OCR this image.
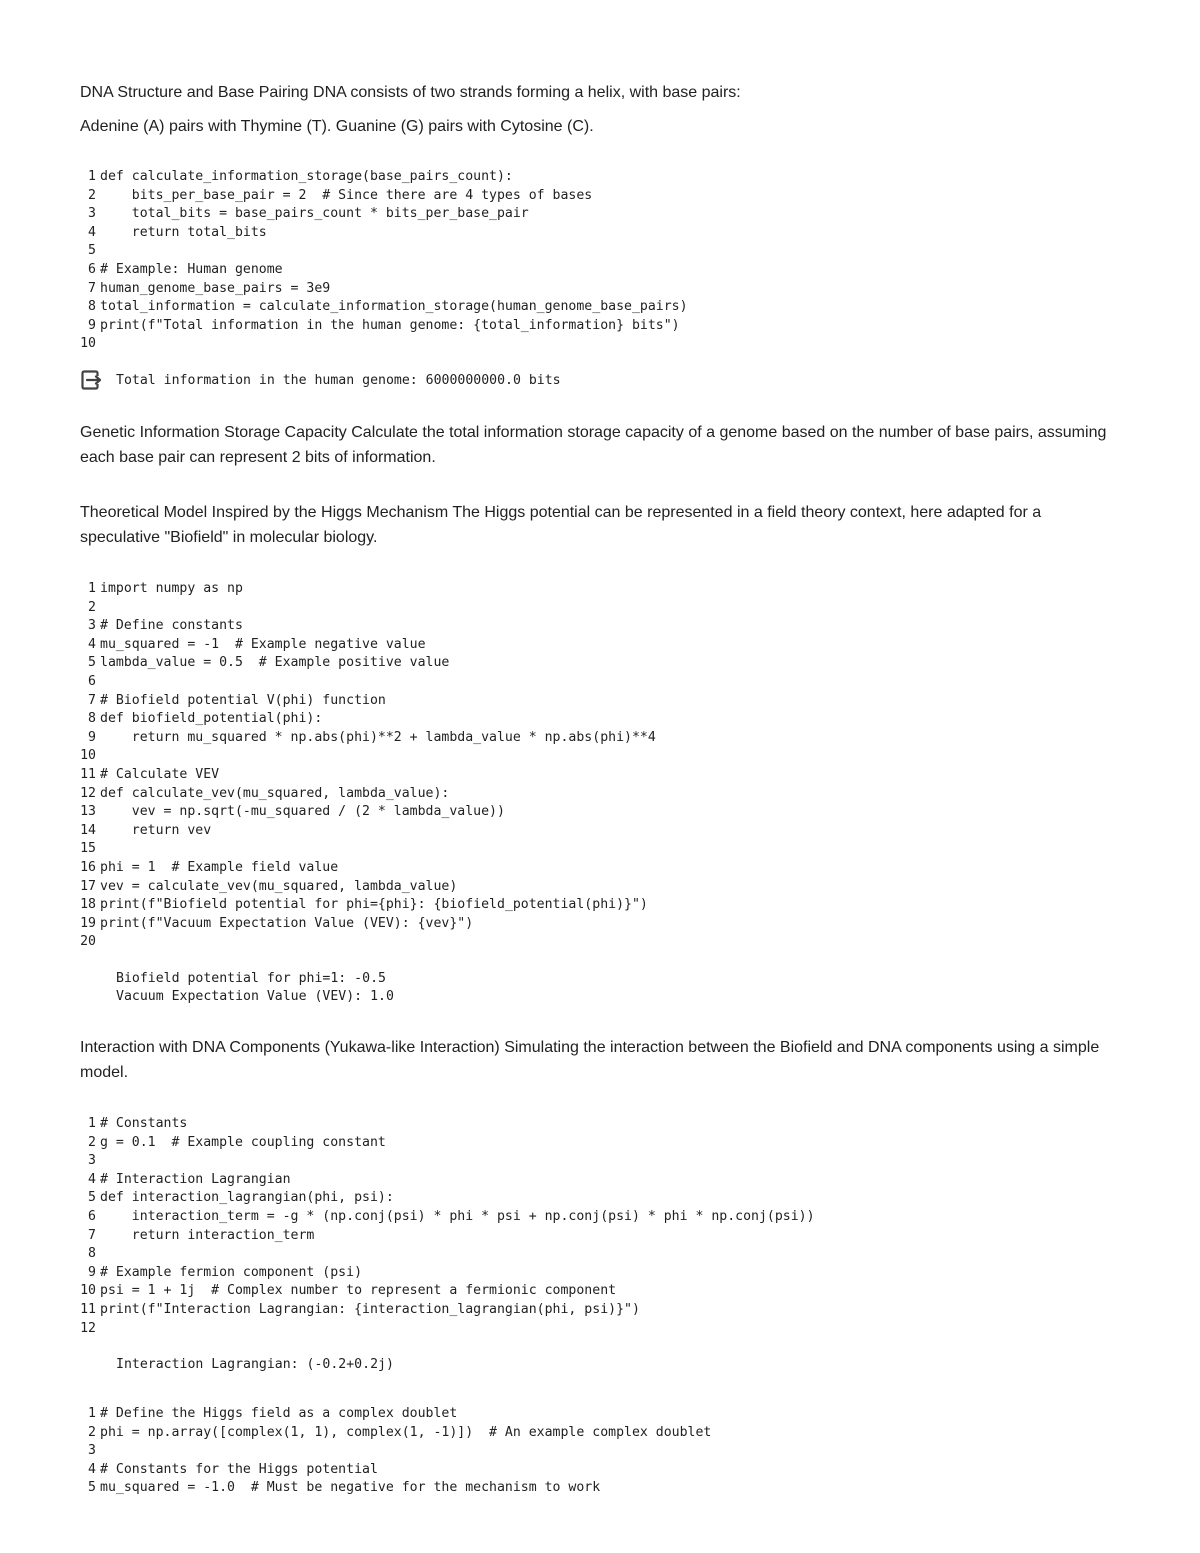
DNA Structure and Base Pairing DNA consists of two strands forming a helix, with base pairs:

Adenine (A) pairs with Thymine (T). Guanine (G) pairs with Cytosine (C).

1 def calculate_information_storage(base_pairs_count):
2    bits_per_base_pair = 2  # Since there are 4 types of bases
3    total_bits = base_pairs_count * bits_per_base_pair
4    return total_bits
5
6 # Example: Human genome
7 human_genome_base_pairs = 3e9
8 total_information = calculate_information_storage(human_genome_base_pairs)
9 print(f"Total information in the human genome: {total_information} bits")
10
Total information in the human genome: 6000000000.0 bits

Genetic Information Storage Capacity Calculate the total information storage capacity of a genome based on the number of base pairs, assuming each base pair can represent 2 bits of information.

Theoretical Model Inspired by the Higgs Mechanism The Higgs potential can be represented in a field theory context, here adapted for a speculative "Biofield" in molecular biology.

1 import numpy as np
2
3 # Define constants
4 mu_squared = -1  # Example negative value
5 lambda_value = 0.5  # Example positive value
6
7 # Biofield potential V(phi) function
8 def biofield_potential(phi):
9    return mu_squared * np.abs(phi)**2 + lambda_value * np.abs(phi)**4
10
11 # Calculate VEV
12 def calculate_vev(mu_squared, lambda_value):
13    vev = np.sqrt(-mu_squared / (2 * lambda_value))
14    return vev
15
16 phi = 1  # Example field value
17 vev = calculate_vev(mu_squared, lambda_value)
18 print(f"Biofield potential for phi={phi}: {biofield_potential(phi)}")
19 print(f"Vacuum Expectation Value (VEV): {vev}")
20
Biofield potential for phi=1: -0.5
Vacuum Expectation Value (VEV): 1.0

Interaction with DNA Components (Yukawa-like Interaction) Simulating the interaction between the Biofield and DNA components using a simple model.

1 # Constants
2 g = 0.1  # Example coupling constant
3
4 # Interaction Lagrangian
5 def interaction_lagrangian(phi, psi):
6    interaction_term = -g * (np.conj(psi) * phi * psi + np.conj(psi) * phi * np.conj(psi))
7    return interaction_term
8
9 # Example fermion component (psi)
10 psi = 1 + 1j  # Complex number to represent a fermionic component
11 print(f"Interaction Lagrangian: {interaction_lagrangian(phi, psi)}")
12
Interaction Lagrangian: (-0.2+0.2j)
1 # Define the Higgs field as a complex doublet
2 phi = np.array([complex(1, 1), complex(1, -1)])  # An example complex doublet
3
4 # Constants for the Higgs potential
5 mu_squared = -1.0  # Must be negative for the mechanism to work
